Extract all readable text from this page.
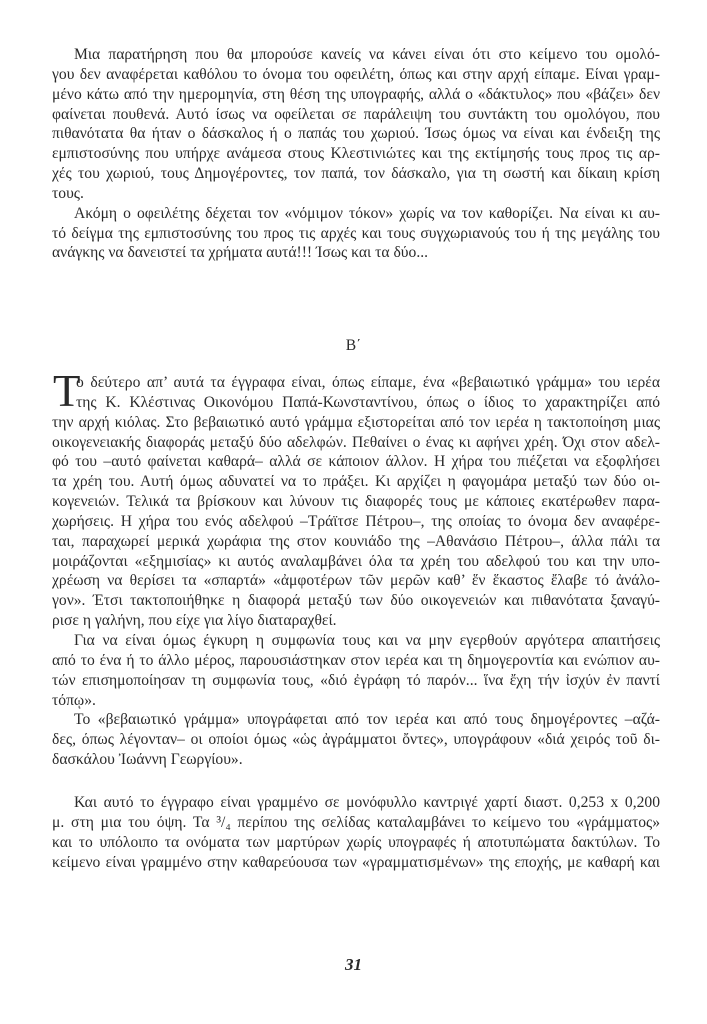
Μια παρατήρηση που θα μπορούσε κανείς να κάνει είναι ότι στο κείμενο του ομολό-
γου δεν αναφέρεται καθόλου το όνομα του οφειλέτη, όπως και στην αρχή είπαμε. Είναι γραμ-
μένο κάτω από την ημερομηνία, στη θέση της υπογραφής, αλλά ο «δάκτυλος» που «βάζει» δεν
φαίνεται πουθενά. Αυτό ίσως να οφείλεται σε παράλειψη του συντάκτη του ομολόγου, που
πιθανότατα θα ήταν ο δάσκαλος ή ο παπάς του χωριού. Ίσως όμως να είναι και ένδειξη της
εμπιστοσύνης που υπήρχε ανάμεσα στους Κλεστινιώτες και της εκτίμησής τους προς τις αρ-
χές του χωριού, τους Δημογέροντες, τον παπά, τον δάσκαλο, για τη σωστή και δίκαιη κρίση
τους.
Ακόμη ο οφειλέτης δέχεται τον «νόμιμον τόκον» χωρίς να τον καθορίζει. Να είναι κι αυ-
τό δείγμα της εμπιστοσύνης του προς τις αρχές και τους συγχωριανούς του ή της μεγάλης του
ανάγκης να δανειστεί τα χρήματα αυτά!!! Ίσως και τα δύο...
Β΄
Τ
ο δεύτερο απ’ αυτά τα έγγραφα είναι, όπως είπαμε, ένα «βεβαιωτικό γράμμα» του ιερέα
της Κ. Κλέστινας Οικονόμου Παπά-Κωνσταντίνου, όπως ο ίδιος το χαρακτηρίζει από
την αρχή κιόλας. Στο βεβαιωτικό αυτό γράμμα εξιστορείται από τον ιερέα η τακτοποίηση μιας
οικογενειακής διαφοράς μεταξύ δύο αδελφών. Πεθαίνει ο ένας κι αφήνει χρέη. Όχι στον αδελ-
φό του –αυτό φαίνεται καθαρά– αλλά σε κάποιον άλλον. Η χήρα του πιέζεται να εξοφλήσει
τα χρέη του. Αυτή όμως αδυνατεί να το πράξει. Κι αρχίζει η φαγομάρα μεταξύ των δύο οι-
κογενειών. Τελικά τα βρίσκουν και λύνουν τις διαφορές τους με κάποιες εκατέρωθεν παρα-
χωρήσεις. Η χήρα του ενός αδελφού –Τράϊτσε Πέτρου–, της οποίας το όνομα δεν αναφέρε-
ται, παραχωρεί μερικά χωράφια της στον κουνιάδο της –Αθανάσιο Πέτρου–, άλλα πάλι τα
μοιράζονται «εξημισίας» κι αυτός αναλαμβάνει όλα τα χρέη του αδελφού του και την υπο-
χρέωση να θερίσει τα «σπαρτά» «ἀμφοτέρων τῶν μερῶν καθ’ ἕν ἕκαστος ἔλαβε τό ἀνάλο-
γον». Έτσι τακτοποιήθηκε η διαφορά μεταξύ των δύο οικογενειών και πιθανότατα ξαναγύ-
ρισε η γαλήνη, που είχε για λίγο διαταραχθεί.
Για να είναι όμως έγκυρη η συμφωνία τους και να μην εγερθούν αργότερα απαιτήσεις
από το ένα ή το άλλο μέρος, παρουσιάστηκαν στον ιερέα και τη δημογεροντία και ενώπιον αυ-
τών επισημοποίησαν τη συμφωνία τους, «διό ἐγράφη τό παρόν... ἵνα ἔχη τήν ἰσχύν ἐν παντί
τόπῳ».
Το «βεβαιωτικό γράμμα» υπογράφεται από τον ιερέα και από τους δημογέροντες –αζά-
δες, όπως λέγονταν– οι οποίοι όμως «ὡς ἀγράμματοι ὄντες», υπογράφουν «διά χειρός τοῦ δι-
δασκάλου Ἰωάννη Γεωργίου».
Και αυτό το έγγραφο είναι γραμμένο σε μονόφυλλο καντριγέ χαρτί διαστ. 0,253 x 0,200
μ. στη μια του όψη. Τα ³/₄ περίπου της σελίδας καταλαμβάνει το κείμενο του «γράμματος»
και το υπόλοιπο τα ονόματα των μαρτύρων χωρίς υπογραφές ή αποτυπώματα δακτύλων. Το
κείμενο είναι γραμμένο στην καθαρεύουσα των «γραμματισμένων» της εποχής, με καθαρή και
31
